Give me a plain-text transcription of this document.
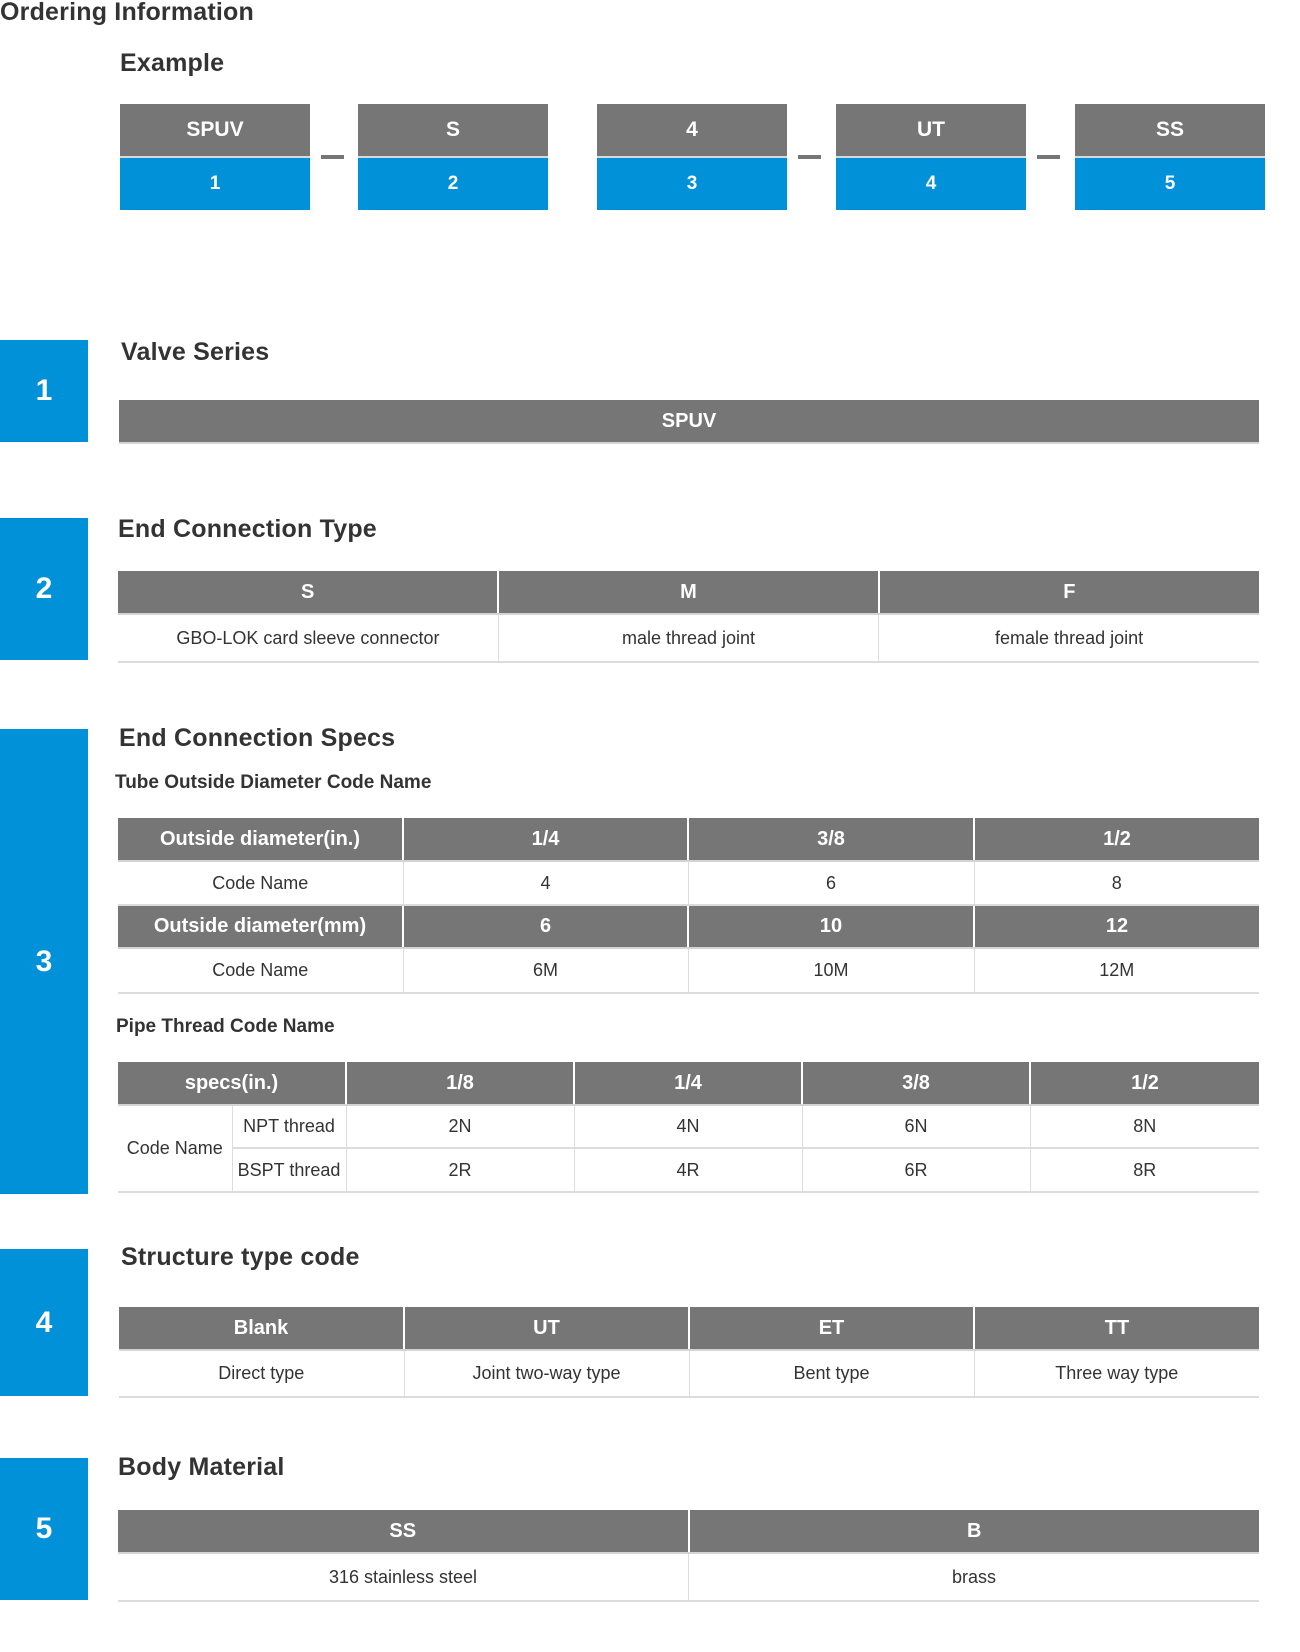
Ordering Information
Example
SPUV
1
S
2
4
3
UT
4
SS
5
1
Valve Series
SPUV
2
End Connection Type
S	M	F
GBO-LOK card sleeve connector	male thread joint	female thread joint
3
End Connection Specs
Tube Outside Diameter Code Name
Outside diameter(in.)	1/4	3/8	1/2
Code Name	4	6	8
Outside diameter(mm)	6	10	12
Code Name	6M	10M	12M
Pipe Thread Code Name
specs(in.)		1/8	1/4	3/8	1/2
Code Name	NPT thread	2N	4N	6N	8N
	BSPT thread	2R	4R	6R	8R
4
Structure type code
Blank	UT	ET	TT
Direct type	Joint two-way type	Bent type	Three way type
5
Body Material
SS	B
316 stainless steel	brass
